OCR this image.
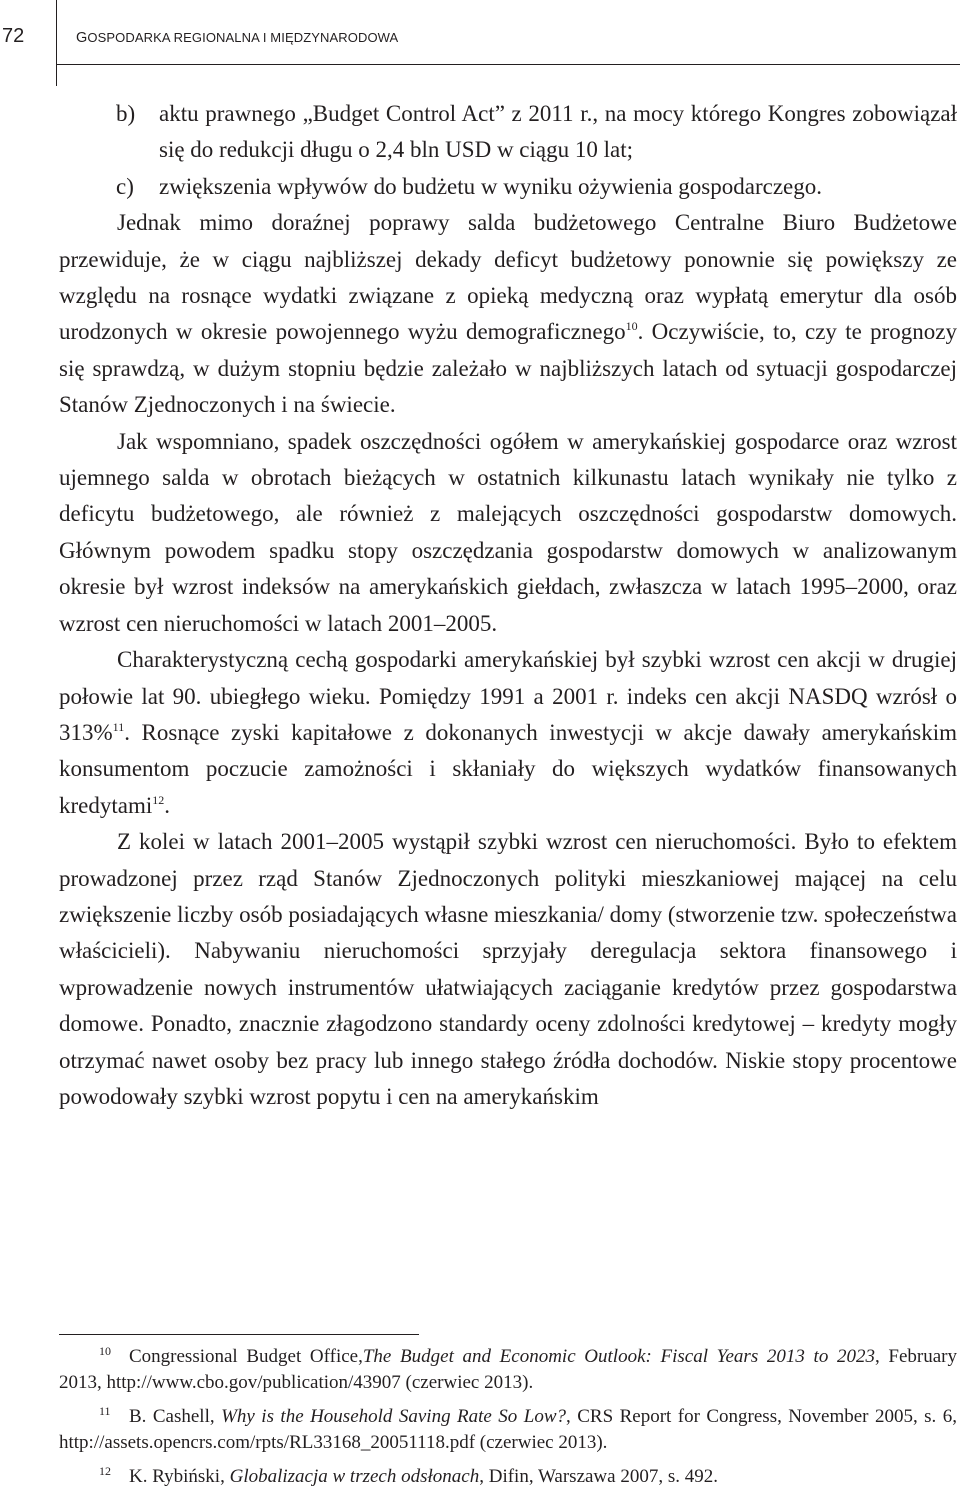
72	GOSPODARKA REGIONALNA I MIĘDZYNARODOWA
b) aktu prawnego „Budget Control Act” z 2011 r., na mocy którego Kongres zobowiązał się do redukcji długu o 2,4 bln USD w ciągu 10 lat;
c) zwiększenia wpływów do budżetu w wyniku ożywienia gospodarczego.

Jednak mimo doraźnej poprawy salda budżetowego Centralne Biuro Budżetowe przewiduje, że w ciągu najbliższej dekady deficyt budżetowy ponownie się powiększy ze względu na rosnące wydatki związane z opieką medyczną oraz wypłatą emerytur dla osób urodzonych w okresie powojennego wyżu demograficznego$^{10}$. Oczywiście, to, czy te prognozy się sprawdzą, w dużym stopniu będzie zależało w najbliższych latach od sytuacji gospodarczej Stanów Zjednoczonych i na świecie.

Jak wspomniano, spadek oszczędności ogółem w amerykańskiej gospodarce oraz wzrost ujemnego salda w obrotach bieżących w ostatnich kilkunastu latach wynikały nie tylko z deficytu budżetowego, ale również z malejących oszczędności gospodarstw domowych. Głównym powodem spadku stopy oszczędzania gospodarstw domowych w analizowanym okresie był wzrost indeksów na amerykańskich giełdach, zwłaszcza w latach 1995–2000, oraz wzrost cen nieruchomości w latach 2001–2005.

Charakterystyczną cechą gospodarki amerykańskiej był szybki wzrost cen akcji w drugiej połowie lat 90. ubiegłego wieku. Pomiędzy 1991 a 2001 r. indeks cen akcji NASDQ wzrósł o 313%$^{11}$. Rosnące zyski kapitałowe z dokonanych inwestycji w akcje dawały amerykańskim konsumentom poczucie zamożności i skłaniały do większych wydatków finansowanych kredytami$^{12}$.

Z kolei w latach 2001–2005 wystąpił szybki wzrost cen nieruchomości. Było to efektem prowadzonej przez rząd Stanów Zjednoczonych polityki mieszkaniowej mającej na celu zwiększenie liczby osób posiadających własne mieszkania/ domy (stworzenie tzw. społeczeństwa właścicieli). Nabywaniu nieruchomości sprzyjały deregulacja sektora finansowego i wprowadzenie nowych instrumentów ułatwiających zaciąganie kredytów przez gospodarstwa domowe. Ponadto, znacznie złagodzono standardy oceny zdolności kredytowej – kredyty mogły otrzymać nawet osoby bez pracy lub innego stałego źródła dochodów. Niskie stopy procentowe powodowały szybki wzrost popytu i cen na amerykańskim

10 Congressional Budget Office,The Budget and Economic Outlook: Fiscal Years 2013 to 2023, February 2013, http://www.cbo.gov/publication/43907 (czerwiec 2013).

11 B. Cashell, Why is the Household Saving Rate So Low?, CRS Report for Congress, November 2005, s. 6, http://assets.opencrs.com/rpts/RL33168_20051118.pdf (czerwiec 2013).

12 K. Rybiński, Globalizacja w trzech odsłonach, Difin, Warszawa 2007, s. 492.
